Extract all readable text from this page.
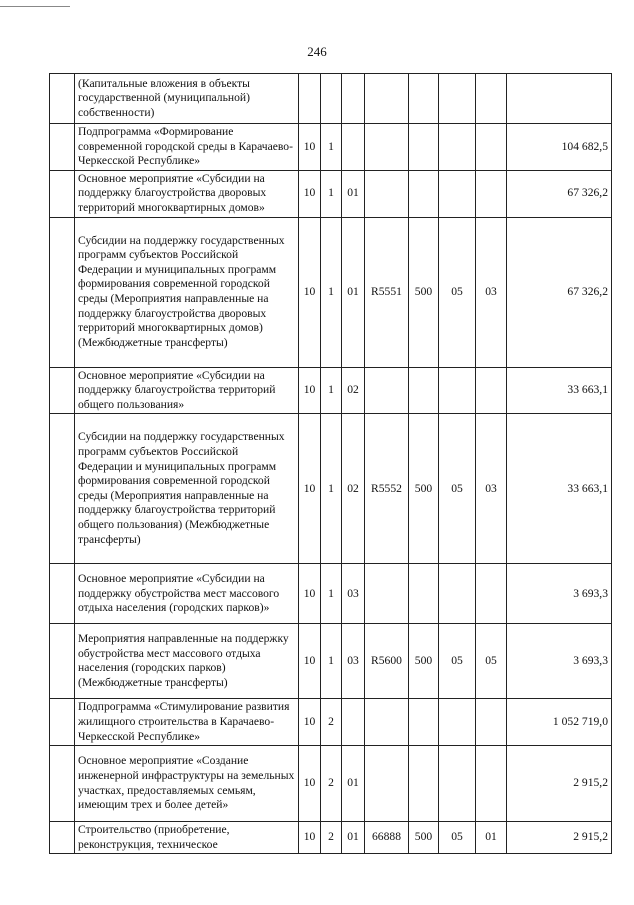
246
	(Капитальные вложения в объекты государственной (муниципальной) собственности)								
	Подпрограмма «Формирование современной городской среды в Карачаево-Черкесской Республике»	10	1						104 682,5
	Основное мероприятие «Субсидии на поддержку благоустройства дворовых территорий многоквартирных домов»	10	1	01					67 326,2
	Субсидии на поддержку государственных программ субъектов Российской Федерации и муниципальных программ формирования современной городской среды (Мероприятия направленные на поддержку благоустройства дворовых территорий многоквартирных домов) (Межбюджетные трансферты)	10	1	01	R5551	500	05	03	67 326,2
	Основное мероприятие «Субсидии на поддержку благоустройства территорий общего пользования»	10	1	02					33 663,1
	Субсидии на поддержку государственных программ субъектов Российской Федерации и муниципальных программ формирования современной городской среды (Мероприятия направленные на поддержку благоустройства территорий общего пользования) (Межбюджетные трансферты)	10	1	02	R5552	500	05	03	33 663,1
	Основное мероприятие «Субсидии на поддержку обустройства мест массового отдыха населения (городских парков)»	10	1	03					3 693,3
	Мероприятия направленные на поддержку обустройства мест массового отдыха населения (городских парков) (Межбюджетные трансферты)	10	1	03	R5600	500	05	05	3 693,3
	Подпрограмма «Стимулирование развития жилищного строительства в Карачаево-Черкесской Республике»	10	2						1 052 719,0
	Основное мероприятие «Создание инженерной инфраструктуры на земельных участках, предоставляемых семьям, имеющим трех и более детей»	10	2	01					2 915,2
	Строительство (приобретение, реконструкция, техническое	10	2	01	66888	500	05	01	2 915,2
